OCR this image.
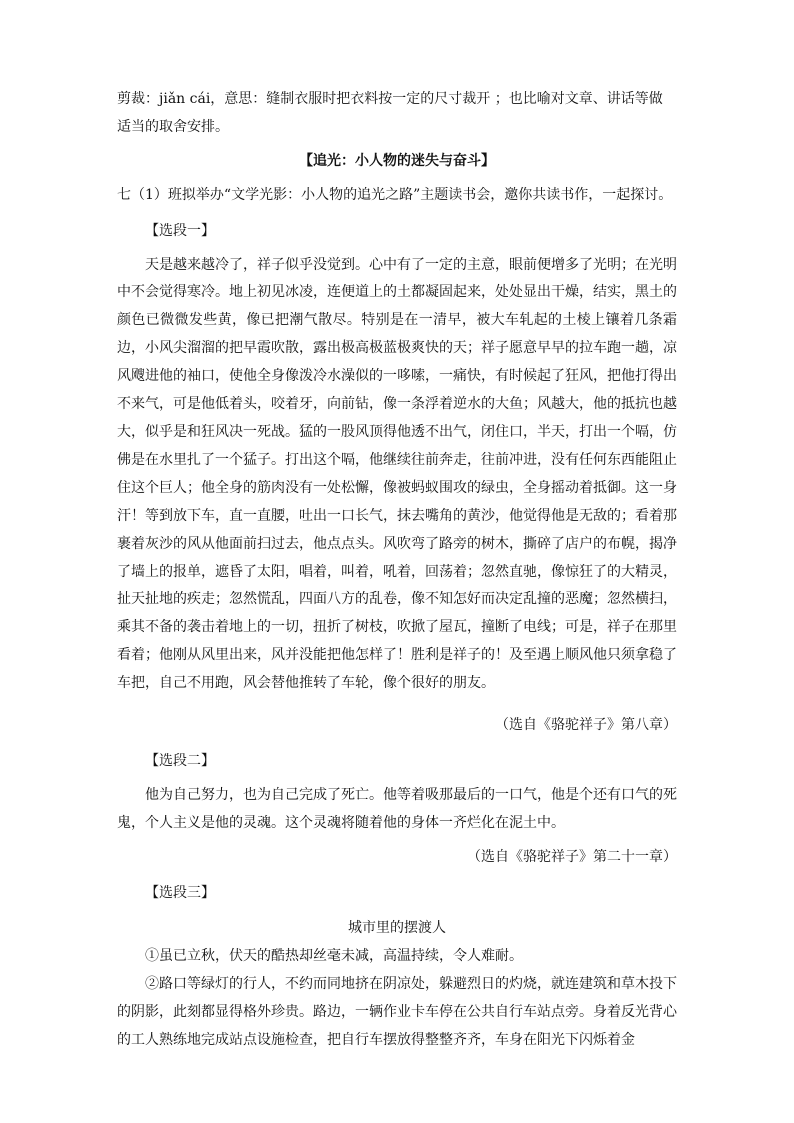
剪裁：jiǎn cái，意思：缝制衣服时把衣料按一定的尺寸裁开 ；也比喻对文章、讲话等做

适当的取舍安排。

【追光：小人物的迷失与奋斗】

七（1）班拟举办“文学光影：小人物的追光之路”主题读书会，邀你共读书作，一起探讨。

【选段一】

天是越来越冷了，祥子似乎没觉到。心中有了一定的主意，眼前便增多了光明；在光明中不会觉得寒冷。地上初见冰凌，连便道上的土都凝固起来，处处显出干燥，结实，黑土的颜色已微微发些黄，像已把潮气散尽。特别是在一清早，被大车轧起的土棱上镶着几条霜边，小风尖溜溜的把早霞吹散，露出极高极蓝极爽快的天；祥子愿意早早的拉车跑一趟，凉风飕进他的袖口，使他全身像泼冷水澡似的一哆嗦，一痛快，有时候起了狂风，把他打得出不来气，可是他低着头，咬着牙，向前钻，像一条浮着逆水的大鱼；风越大，他的抵抗也越大，似乎是和狂风决一死战。猛的一股风顶得他透不出气，闭住口，半天，打出一个嗝，仿佛是在水里扎了一个猛子。打出这个嗝，他继续往前奔走，往前冲进，没有任何东西能阻止住这个巨人；他全身的筋肉没有一处松懈，像被蚂蚁围攻的绿虫，全身摇动着抵御。这一身汗！等到放下车，直一直腰，吐出一口长气，抹去嘴角的黄沙，他觉得他是无敌的；看着那裹着灰沙的风从他面前扫过去，他点点头。风吹弯了路旁的树木，撕碎了店户的布幌，揭净了墙上的报单，遮昏了太阳，唱着，叫着，吼着，回荡着；忽然直驰，像惊狂了的大精灵，扯天扯地的疾走；忽然慌乱，四面八方的乱卷，像不知怎好而决定乱撞的恶魔；忽然横扫，乘其不备的袭击着地上的一切，扭折了树枝，吹掀了屋瓦，撞断了电线；可是，祥子在那里看着；他刚从风里出来，风并没能把他怎样了！胜利是祥子的！及至遇上顺风他只须拿稳了车把，自己不用跑，风会替他推转了车轮，像个很好的朋友。

（选自《骆驼祥子》第八章）

【选段二】

他为自己努力，也为自己完成了死亡。他等着吸那最后的一口气，他是个还有口气的死鬼，个人主义是他的灵魂。这个灵魂将随着他的身体一齐烂化在泥土中。

（选自《骆驼祥子》第二十一章）

【选段三】

城市里的摆渡人

①虽已立秋，伏天的酷热却丝毫未减，高温持续，令人难耐。

②路口等绿灯的行人，不约而同地挤在阴凉处，躲避烈日的灼烧，就连建筑和草木投下的阴影，此刻都显得格外珍贵。路边，一辆作业卡车停在公共自行车站点旁。身着反光背心的工人熟练地完成站点设施检查，把自行车摆放得整整齐齐，车身在阳光下闪烁着金
